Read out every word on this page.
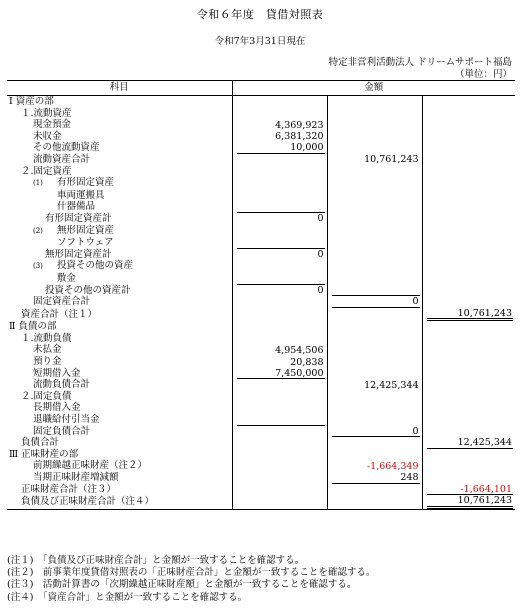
令和６年度　貸借対照表
令和7年3月31日現在
特定非営利活動法人 ドリームサポート福島
（単位：円）
科目	金額		
Ⅰ 資産の部	

１.流動資産	

現金預金	4,369,923		

未収金	6,381,320		

その他流動資産	10,000		

流動資産合計		10,761,243	

２.固定資産	

(1) 有形固定資産	

車両運搬具	

什器備品	

有形固定資産計	0		

(2) 無形固定資産	

ソフトウェア	

無形固定資産計	0		

(3) 投資その他の資産	

敷金	

投資その他の資産計	0		

固定資産合計		0	

資産合計（注１）			10,761,243

Ⅱ 負債の部	

１.流動負債	

未払金	4,954,506		

預り金	20,838		

短期借入金	7,450,000		

流動負債合計		12,425,344	

２.固定負債	

長期借入金	

退職給付引当金	

固定負債合計		0	

負債合計			12,425,344

Ⅲ 正味財産の部	

前期繰越正味財産（注２）		-1,664,349	

当期正味財産増減額		248	

正味財産合計（注３）			-1,664,101

負債及び正味財産合計（注４）			10,761,243
(注１)　「負債及び正味財産合計」と金額が一致することを確認する。
(注２)　前事業年度貸借対照表の「正味財産合計」と金額が一致することを確認する。
(注３)　活動計算書の「次期繰越正味財産額」と金額が一致することを確認する。
(注４)　「資産合計」と金額が一致することを確認する。
